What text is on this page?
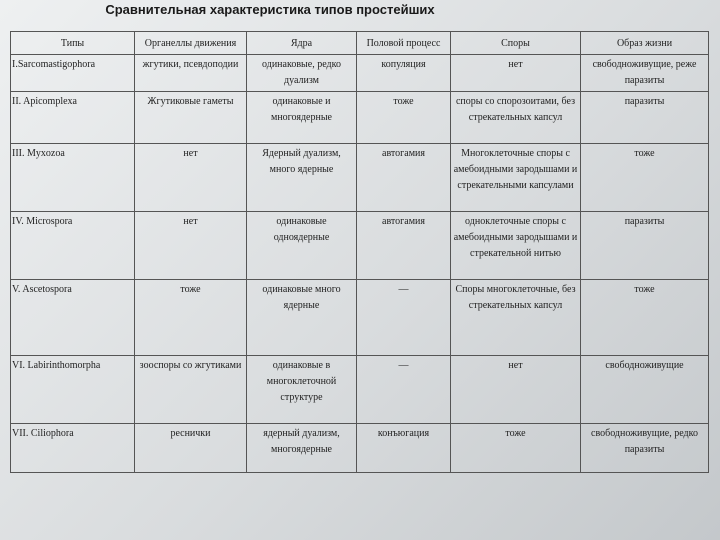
Сравнительная характеристика типов простейших
Типы	Органеллы движения	Ядра	Половой процесс	Споры	Образ жизни
I.Sarcomastigophora	жгутики, псевдоподии	одинаковые, редко дуализм	копуляция	нет	свободноживущие, реже паразиты
II. Apicomplexa	Жгутиковые гаметы	одинаковые и многоядерные	тоже	споры со спорозоитами, без стрекательных капсул	паразиты
III. Myxozoa	нет	Ядерный дуализм, много ядерные	автогамия	Многоклеточные споры с амебоидными зародышами и стрекательными капсулами	тоже
IV. Microspora	нет	одинаковые одноядерные	автогамия	одноклеточные споры с амебоидными зародышами и стрекательной нитью	паразиты
V. Ascetospora	тоже	одинаковые много ядерные	—	Споры многоклеточные, без стрекательных капсул	тоже
VI. Labirinthomorpha	зооспоры со жгутиками	одинаковые в многоклеточной структуре	—	нет	свободноживущие
VII. Ciliophora	реснички	ядерный дуализм, многоядерные	конъюгация	тоже	свободноживущие, редко паразиты
